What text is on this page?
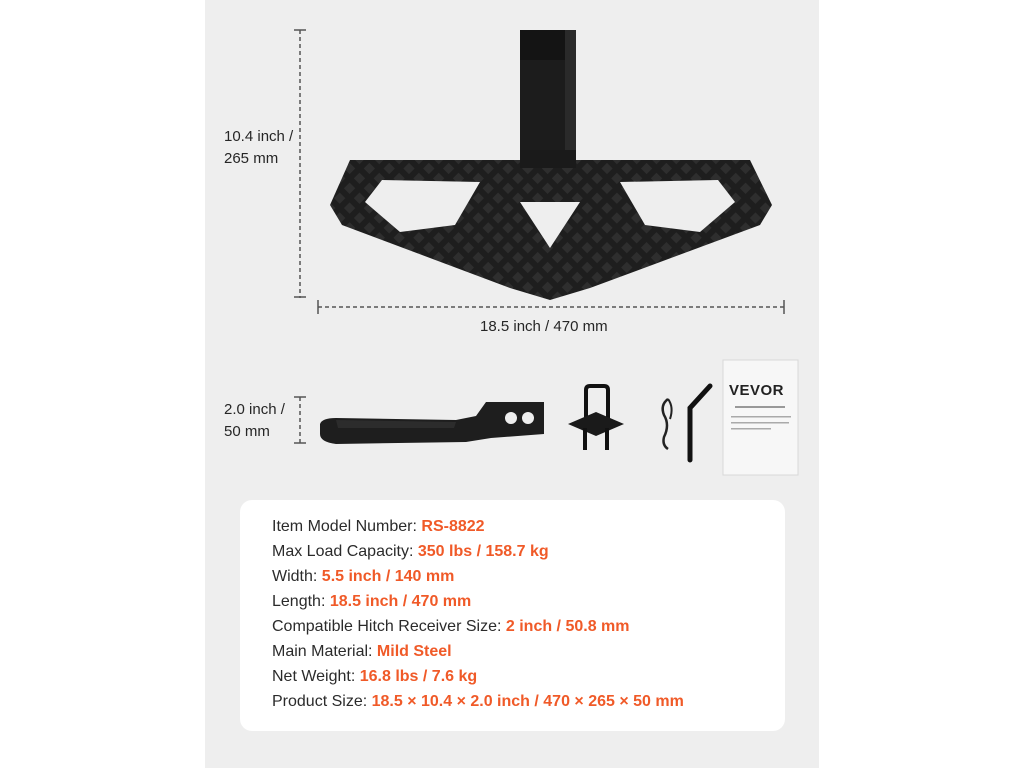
10.4 inch /
265 mm
18.5 inch / 470 mm
2.0 inch /
50 mm
VEVOR
Item Model Number: RS-8822
Max Load Capacity: 350 lbs / 158.7 kg
Width: 5.5 inch / 140 mm
Length: 18.5 inch / 470 mm
Compatible Hitch Receiver Size: 2 inch / 50.8 mm
Main Material: Mild Steel
Net Weight: 16.8 lbs / 7.6 kg
Product Size: 18.5 × 10.4 × 2.0 inch / 470 × 265 × 50 mm
